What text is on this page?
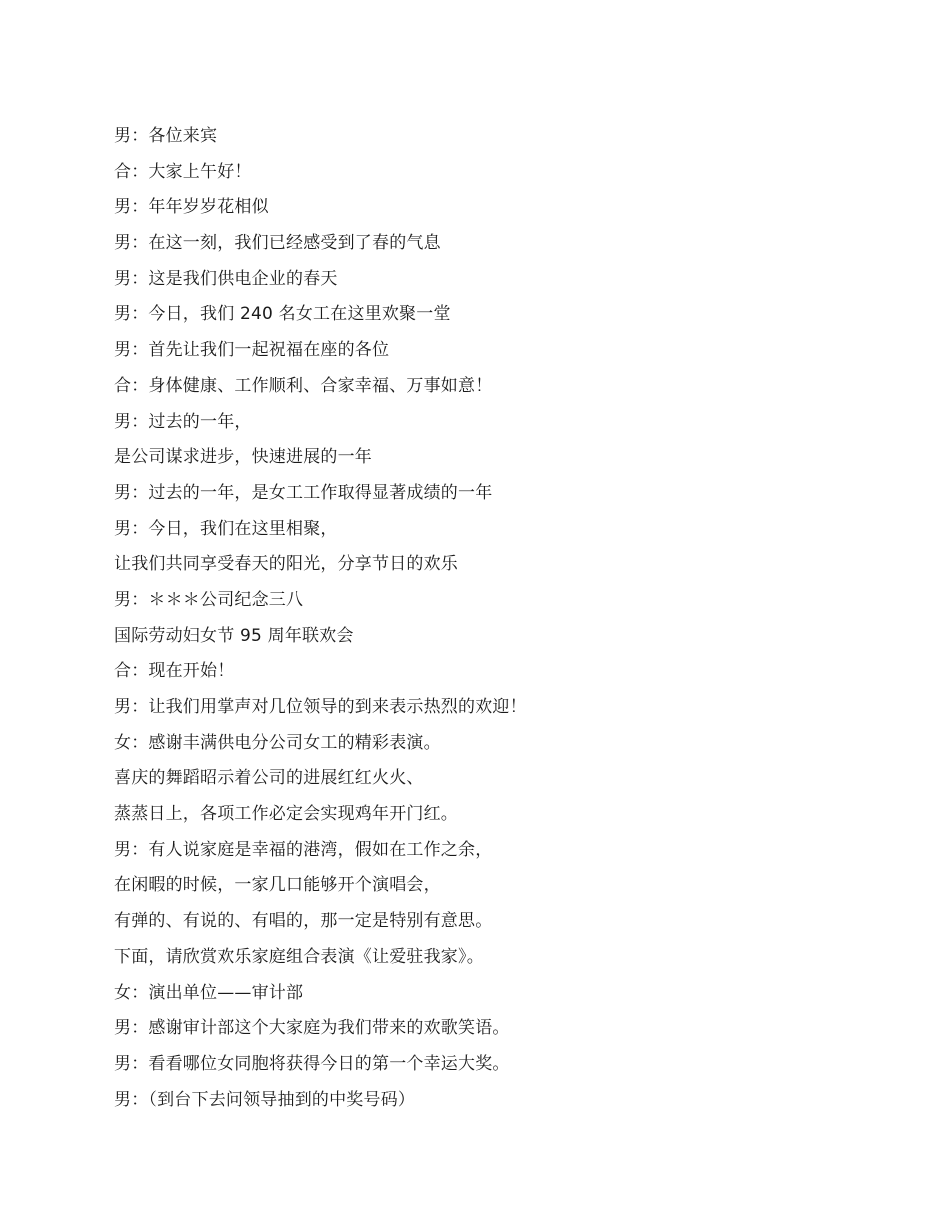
男：各位来宾
合：大家上午好！
男：年年岁岁花相似
男：在这一刻，我们已经感受到了春的气息
男：这是我们供电企业的春天
男：今日，我们 240 名女工在这里欢聚一堂
男：首先让我们一起祝福在座的各位
合：身体健康、工作顺利、合家幸福、万事如意！
男：过去的一年，
是公司谋求进步，快速进展的一年
男：过去的一年，是女工工作取得显著成绩的一年
男：今日，我们在这里相聚，
让我们共同享受春天的阳光，分享节日的欢乐
男：＊＊＊公司纪念三八
国际劳动妇女节 95 周年联欢会
合：现在开始！
男：让我们用掌声对几位领导的到来表示热烈的欢迎！
女：感谢丰满供电分公司女工的精彩表演。
喜庆的舞蹈昭示着公司的进展红红火火、
蒸蒸日上，各项工作必定会实现鸡年开门红。
男：有人说家庭是幸福的港湾，假如在工作之余，
在闲暇的时候，一家几口能够开个演唱会，
有弹的、有说的、有唱的，那一定是特别有意思。
下面，请欣赏欢乐家庭组合表演《让爱驻我家》。
女：演出单位——审计部
男：感谢审计部这个大家庭为我们带来的欢歌笑语。
男：看看哪位女同胞将获得今日的第一个幸运大奖。
男：（到台下去问领导抽到的中奖号码）
